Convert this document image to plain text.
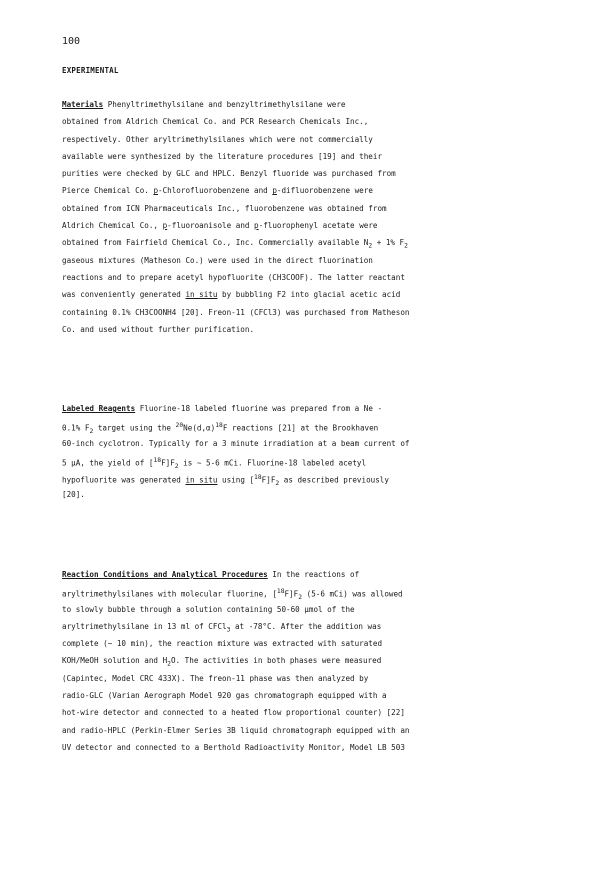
100
EXPERIMENTAL
Materials Phenyltrimethylsilane and benzyltrimethylsilane were
obtained from Aldrich Chemical Co. and PCR Research Chemicals Inc.,
respectively. Other aryltrimethylsilanes which were not commercially
available were synthesized by the literature procedures [19] and their
purities were checked by GLC and HPLC. Benzyl fluoride was purchased from
Pierce Chemical Co. p-Chlorofluorobenzene and p-difluorobenzene were
obtained from ICN Pharmaceuticals Inc., fluorobenzene was obtained from
Aldrich Chemical Co., p-fluoroanisole and p-fluorophenyl acetate were
obtained from Fairfield Chemical Co., Inc. Commercially available $N_2 + 1\%$ $F_2$
gaseous mixtures (Matheson Co.) were used in the direct fluorination
reactions and to prepare acetyl hypofluorite (CH3COOF). The latter reactant
was conveniently generated in situ by bubbling F2 into glacial acetic acid
containing 0.1% CH3COONH4 [20]. Freon-11 (CFCl3) was purchased from Matheson
Co. and used without further purification.
Labeled Reagents Fluorine-18 labeled fluorine was prepared from a Ne -
0.1% $F_2$ target using the $^{20}Ne(d,\alpha)^{18}F$ reactions [21] at the Brookhaven
60-inch cyclotron. Typically for a 3 minute irradiation at a beam current of
5 μA, the yield of $[^{18}F]F_2$ is ~ 5-6 mCi. Fluorine-18 labeled acetyl
hypofluorite was generated in situ using $[^{18}F]F_2$ as described previously
[20].
Reaction Conditions and Analytical Procedures In the reactions of
aryltrimethylsilanes with molecular fluorine, $[^{18}F]F_2$ (5-6 mCi) was allowed
to slowly bubble through a solution containing 50-60 μmol of the
aryltrimethylsilane in 13 ml of CFCl$_3$ at -78°C. After the addition was
complete (~ 10 min), the reaction mixture was extracted with saturated
KOH/MeOH solution and $H_2O$. The activities in both phases were measured
(Capintec, Model CRC 433X). The freon-11 phase was then analyzed by
radio-GLC (Varian Aerograph Model 920 gas chromatograph equipped with a
hot-wire detector and connected to a heated flow proportional counter) [22]
and radio-HPLC (Perkin-Elmer Series 3B liquid chromatograph equipped with an
UV detector and connected to a Berthold Radioactivity Monitor, Model LB 503
